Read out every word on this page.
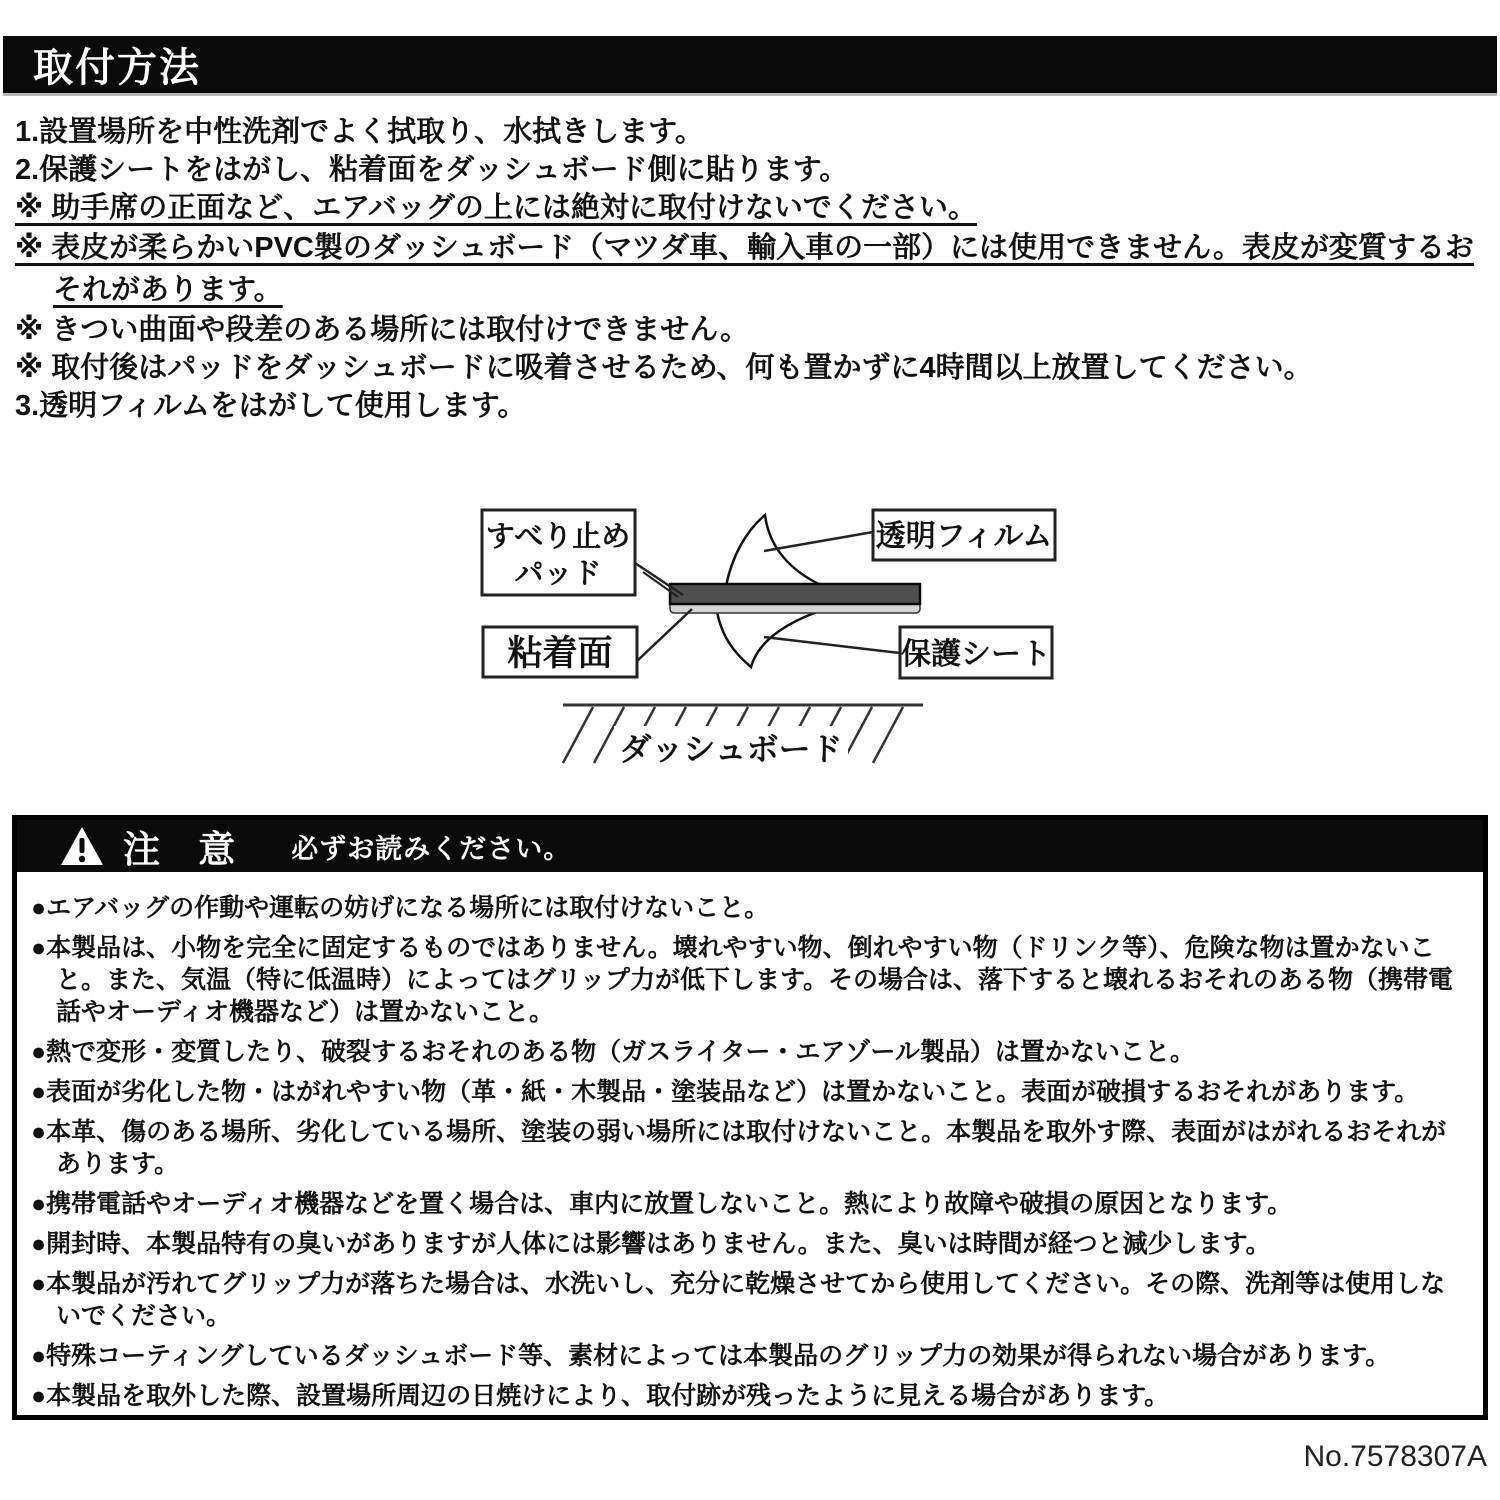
取付方法

1.設置場所を中性洗剤でよく拭取り、水拭きします。

2.保護シートをはがし、粘着面をダッシュボード側に貼ります。

※ 助手席の正面など、エアバッグの上には絶対に取付けないでください。

※ 表皮が柔らかいPVC製のダッシュボード（マツダ車、輸入車の一部）には使用できません。表皮が変質するおそれがあります。

※ きつい曲面や段差のある場所には取付けできません。

※ 取付後はパッドをダッシュボードに吸着させるため、何も置かずに4時間以上放置してください。

3.透明フィルムをはがして使用します。

すべり止め
パッド
透明フィルム
粘着面	保護シート
ダッシュボード
注 意 必ずお読みください。

●エアバッグの作動や運転の妨げになる場所には取付けないこと。

●本製品は、小物を完全に固定するものではありません。壊れやすい物、倒れやすい物（ドリンク等）、危険な物は置かないこと。また、気温（特に低温時）によってはグリップ力が低下します。その場合は、落下すると壊れるおそれのある物（携帯電話やオーディオ機器など）は置かないこと。

●熱で変形・変質したり、破裂するおそれのある物（ガスライター・エアゾール製品）は置かないこと。

●表面が劣化した物・はがれやすい物（革・紙・木製品・塗装品など）は置かないこと。表面が破損するおそれがあります。

●本革、傷のある場所、劣化している場所、塗装の弱い場所には取付けないこと。本製品を取外す際、表面がはがれるおそれがあります。

●携帯電話やオーディオ機器などを置く場合は、車内に放置しないこと。熱により故障や破損の原因となります。

●開封時、本製品特有の臭いがありますが人体には影響はありません。また、臭いは時間が経つと減少します。

●本製品が汚れてグリップ力が落ちた場合は、水洗いし、充分に乾燥させてから使用してください。その際、洗剤等は使用しないでください。

●特殊コーティングしているダッシュボード等、素材によっては本製品のグリップ力の効果が得られない場合があります。

●本製品を取外した際、設置場所周辺の日焼けにより、取付跡が残ったように見える場合があります。

No.7578307A
